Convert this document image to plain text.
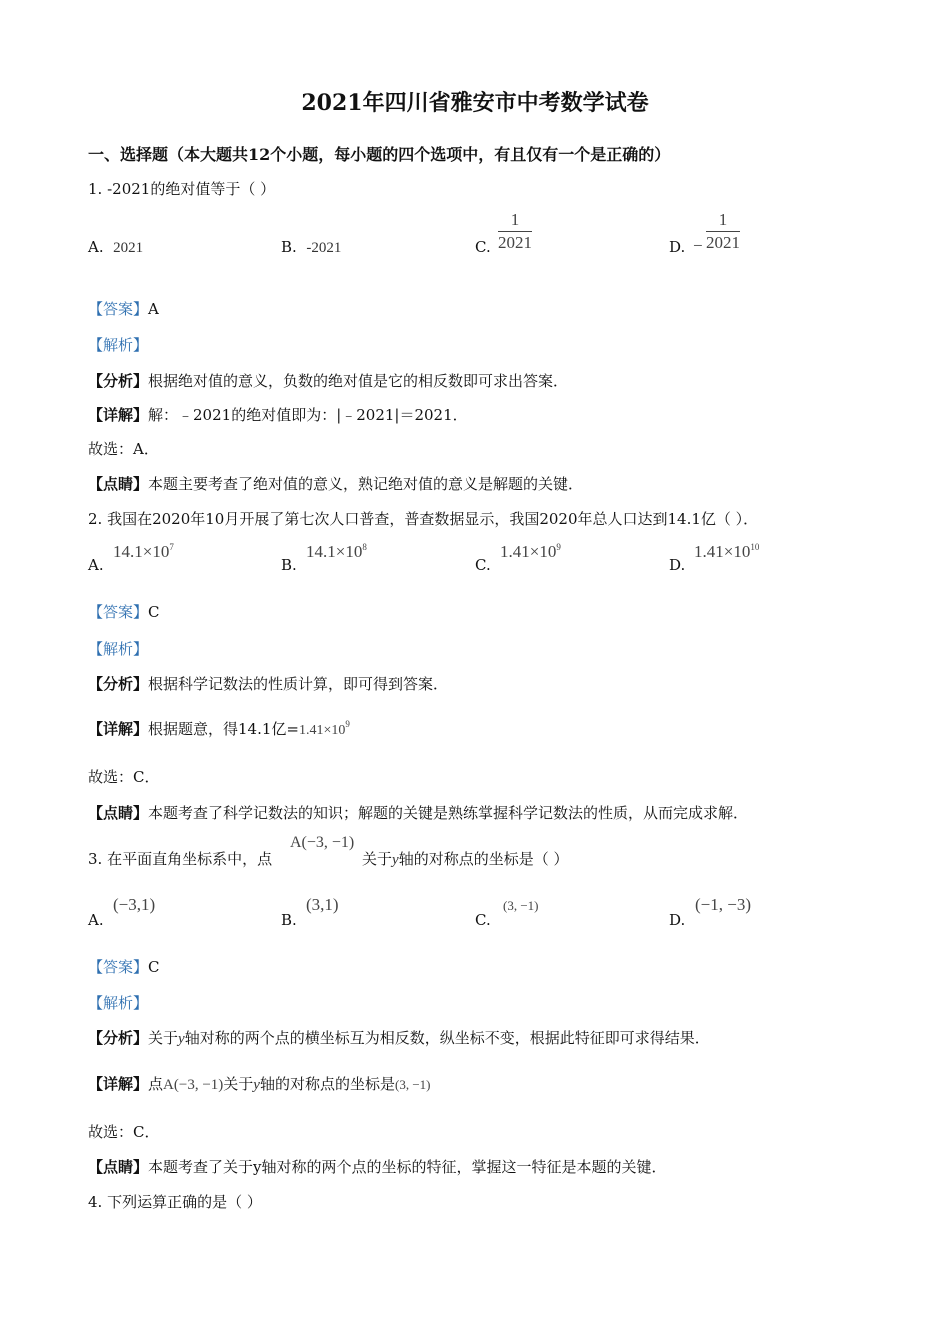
2021年四川省雅安市中考数学试卷
一、选择题（本大题共12个小题，每小题的四个选项中，有且仅有一个是正确的）
1. -2021的绝对值等于（ ）
A. 2021	B. -2021	C. $\frac{1}{2021}$	D. − $\frac{1}{2021}$
【答案】A
【解析】
【分析】根据绝对值的意义，负数的绝对值是它的相反数即可求出答案．
【详解】解：﹣2021的绝对值即为：|﹣2021|＝2021．
故选：A．
【点睛】本题主要考查了绝对值的意义，熟记绝对值的意义是解题的关键．
2. 我国在2020年10月开展了第七次人口普查，普查数据显示，我国2020年总人口达到14.1亿（ ）．
A.
$14.1\times 10^7$
B.
$14.1\times 10^8$
C.
$1.41\times 10^9$
D.
$1.41\times 10^{10}$
【答案】C
【解析】
【分析】根据科学记数法的性质计算，即可得到答案．
【详解】根据题意，得14.1亿$=1.41\times 10^9$
故选：C．
【点睛】本题考查了科学记数法的知识；解题的关键是熟练掌握科学记数法的性质，从而完成求解．
3. 在平面直角坐标系中，点
A(−3, −1)
关于y轴的对称点的坐标是（ ）
A.
(−3,1)
B.
(3,1)
C.
(3, −1)
D.
(−1, −3)
【答案】C
【解析】
【分析】关于y轴对称的两个点的横坐标互为相反数，纵坐标不变，根据此特征即可求得结果．
【详解】点A(−3, −1)关于y轴的对称点的坐标是(3, −1)
故选：C．
【点睛】本题考查了关于y轴对称的两个点的坐标的特征，掌握这一特征是本题的关键．
4. 下列运算正确的是（ ）
